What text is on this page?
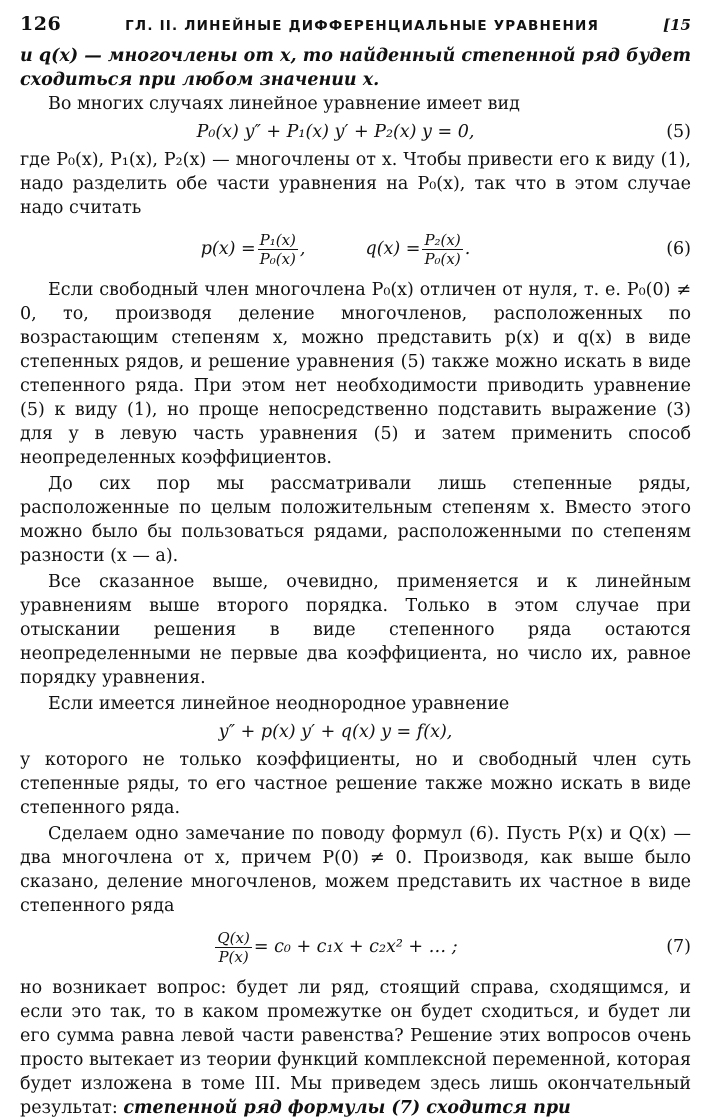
126	ГЛ. II. ЛИНЕЙНЫЕ ДИФФЕРЕНЦИАЛЬНЫЕ УРАВНЕНИЯ	[15

и q(x) — многочлены от x, то найденный степенной ряд будет сходиться при любом значении x.

Во многих случаях линейное уравнение имеет вид

P₀(x) y″ + P₁(x) y′ + P₂(x) y = 0,	(5)

где P₀(x), P₁(x), P₂(x) — многочлены от x. Чтобы привести его к виду (1), надо разделить обе части уравнения на P₀(x), так что в этом случае надо считать

$p(x) = \frac{\text{P₁(x)}}{\text{P₀(x)}}$ ,	$q(x) = \frac{\text{P₂(x)}}{\text{P₀(x)}}$ .	(6)

Если свободный член многочлена P₀(x) отличен от нуля, т. е. P₀(0) ≠ 0, то, производя деление многочленов, расположенных по возрастающим степеням x, можно представить p(x) и q(x) в виде степенных рядов, и решение уравнения (5) также можно искать в виде степенного ряда. При этом нет необходимости приводить уравнение (5) к виду (1), но проще непосредственно подставить выражение (3) для y в левую часть уравнения (5) и затем применить способ неопределенных коэффициентов.

До сих пор мы рассматривали лишь степенные ряды, расположенные по целым положительным степеням x. Вместо этого можно было бы пользоваться рядами, расположенными по степеням разности (x — a).

Все сказанное выше, очевидно, применяется и к линейным уравнениям выше второго порядка. Только в этом случае при отыскании решения в виде степенного ряда остаются неопределенными не первые два коэффициента, но число их, равное порядку уравнения.

Если имеется линейное неоднородное уравнение

y″ + p(x) y′ + q(x) y = f(x),

у которого не только коэффициенты, но и свободный член суть степенные ряды, то его частное решение также можно искать в виде степенного ряда.

Сделаем одно замечание по поводу формул (6). Пусть P(x) и Q(x) — два многочлена от x, причем P(0) ≠ 0. Производя, как выше было сказано, деление многочленов, можем представить их частное в виде степенного ряда

$\frac{Q(x)}{P(x)} = c_0 + c_1x + c_2x^2$ + … ;	(7)

но возникает вопрос: будет ли ряд, стоящий справа, сходящимся, и если это так, то в каком промежутке он будет сходиться, и будет ли его сумма равна левой части равенства? Решение этих вопросов очень просто вытекает из теории функций комплексной переменной, которая будет изложена в томе III. Мы приведем здесь лишь окончательный результат: степенной ряд формулы (7) сходится при
